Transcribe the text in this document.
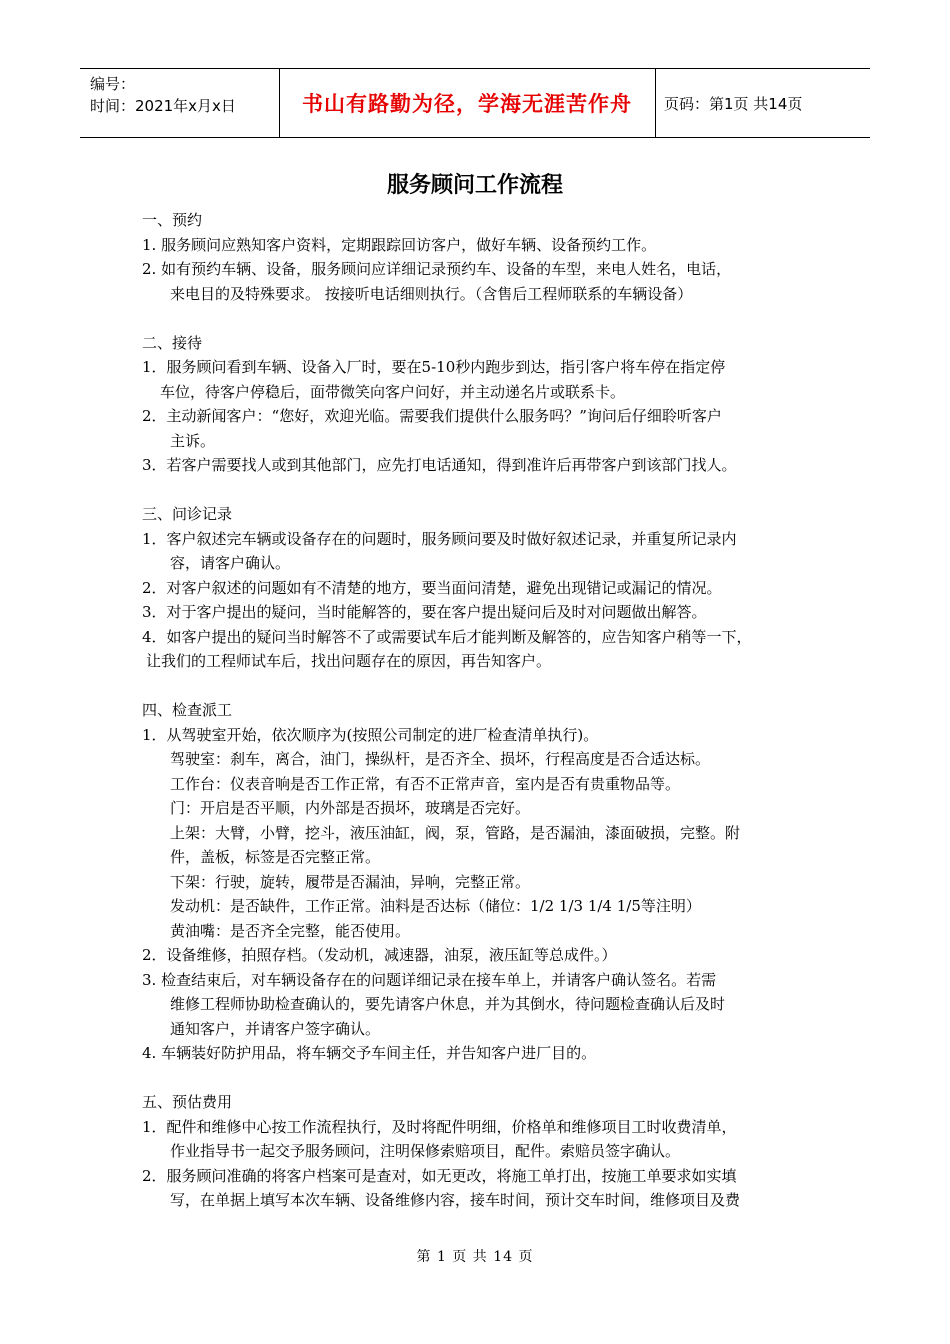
编号：
时间：2021年x月x日	书山有路勤为径，学海无涯苦作舟	页码：第1页 共14页
服务顾问工作流程
一、预约
1. 服务顾问应熟知客户资料，定期跟踪回访客户，做好车辆、设备预约工作。
2. 如有预约车辆、设备，服务顾问应详细记录预约车、设备的车型，来电人姓名，电话，
来电目的及特殊要求。 按接听电话细则执行。（含售后工程师联系的车辆设备）
二、接待
1．服务顾问看到车辆、设备入厂时，要在5-10秒内跑步到达，指引客户将车停在指定停
车位，待客户停稳后，面带微笑向客户问好，并主动递名片或联系卡。
2．主动新闻客户：“您好，欢迎光临。需要我们提供什么服务吗？”询问后仔细聆听客户
主诉。
3．若客户需要找人或到其他部门，应先打电话通知，得到准许后再带客户到该部门找人。
三、问诊记录
1．客户叙述完车辆或设备存在的问题时，服务顾问要及时做好叙述记录，并重复所记录内
容，请客户确认。
2．对客户叙述的问题如有不清楚的地方，要当面问清楚，避免出现错记或漏记的情况。
3．对于客户提出的疑问，当时能解答的，要在客户提出疑问后及时对问题做出解答。
4．如客户提出的疑问当时解答不了或需要试车后才能判断及解答的，应告知客户稍等一下，
让我们的工程师试车后，找出问题存在的原因，再告知客户。
四、检查派工
1．从驾驶室开始，依次顺序为(按照公司制定的进厂检查清单执行)。
驾驶室：刹车，离合，油门，操纵杆，是否齐全、损坏，行程高度是否合适达标。
工作台：仪表音响是否工作正常，有否不正常声音，室内是否有贵重物品等。
门：开启是否平顺，内外部是否损坏，玻璃是否完好。
上架：大臂，小臂，挖斗，液压油缸，阀，泵，管路，是否漏油，漆面破损，完整。附
件，盖板，标签是否完整正常。
下架：行驶，旋转，履带是否漏油，异响，完整正常。
发动机：是否缺件，工作正常。油料是否达标（储位：1/2 1/3 1/4 1/5等注明）
黄油嘴：是否齐全完整，能否使用。
2．设备维修，拍照存档。（发动机，减速器，油泵，液压缸等总成件。）
3. 检查结束后，对车辆设备存在的问题详细记录在接车单上，并请客户确认签名。若需
维修工程师协助检查确认的，要先请客户休息，并为其倒水，待问题检查确认后及时
通知客户，并请客户签字确认。
4. 车辆装好防护用品，将车辆交予车间主任，并告知客户进厂目的。
五、预估费用
1．配件和维修中心按工作流程执行，及时将配件明细，价格单和维修项目工时收费清单，
作业指导书一起交予服务顾问，注明保修索赔项目，配件。索赔员签字确认。
2．服务顾问准确的将客户档案可是查对，如无更改，将施工单打出，按施工单要求如实填
写，在单据上填写本次车辆、设备维修内容，接车时间，预计交车时间，维修项目及费
第 1 页 共 14 页
